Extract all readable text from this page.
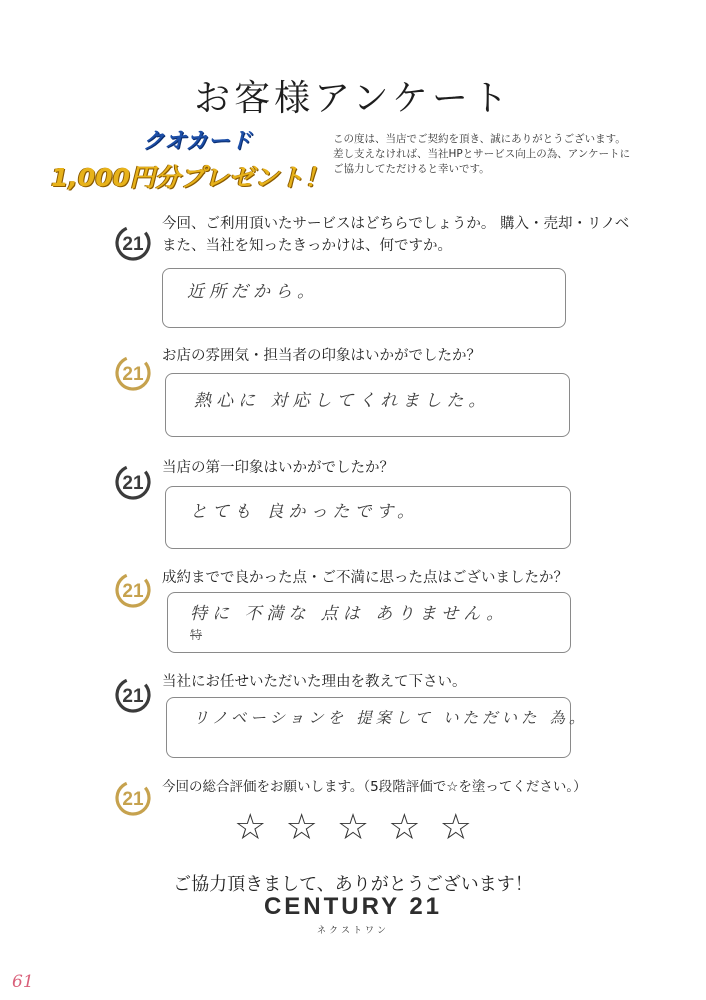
お客様アンケート
クオカード
1,000円分プレゼント！
この度は、当店でご契約を頂き、誠にありがとうございます。
差し支えなければ、当社HPとサービス向上の為、アンケートに
ご協力してただけると幸いです。
21
今回、ご利用頂いたサービスはどちらでしょうか。 購入・売却・リノベ
また、当社を知ったきっかけは、何ですか。
近所だから。
21
お店の雰囲気・担当者の印象はいかがでしたか？
熱心に 対応してくれました。
21
当店の第一印象はいかがでしたか？
とても 良かったです。
21
成約までで良かった点・ご不満に思った点はございましたか？
特に 不満な 点は ありません。
特
21
当社にお任せいただいた理由を教えて下さい。
リノベーションを 提案して いただいた 為。
21
今回の総合評価をお願いします。（5段階評価で☆を塗ってください。）
☆ ☆ ☆ ☆ ☆
ご協力頂きまして、ありがとうございます！
CENTURY 21
ネクストワン
61
